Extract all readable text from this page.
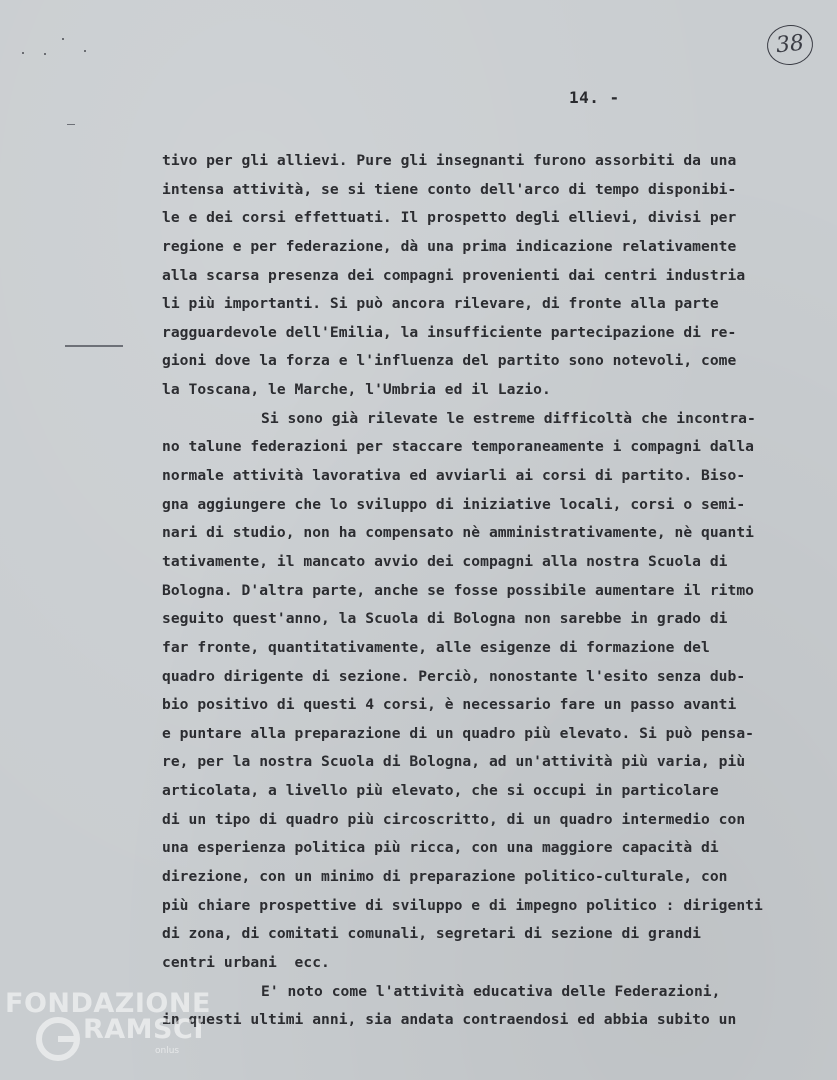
38
14. -
tivo per gli allievi. Pure gli insegnanti furono assorbiti da una
intensa attività, se si tiene conto dell'arco di tempo disponibi-
le e dei corsi effettuati. Il prospetto degli ellievi, divisi per
regione e per federazione, dà una prima indicazione relativamente
alla scarsa presenza dei compagni provenienti dai centri industria
li più importanti. Si può ancora rilevare, di fronte alla parte
ragguardevole dell'Emilia, la insufficiente partecipazione di re-
gioni dove la forza e l'influenza del partito sono notevoli, come
la Toscana, le Marche, l'Umbria ed il Lazio.
Si sono già rilevate le estreme difficoltà che incontra-
no talune federazioni per staccare temporaneamente i compagni dalla
normale attività lavorativa ed avviarli ai corsi di partito. Biso-
gna aggiungere che lo sviluppo di iniziative locali, corsi o semi-
nari di studio, non ha compensato nè amministrativamente, nè quanti
tativamente, il mancato avvio dei compagni alla nostra Scuola di
Bologna. D'altra parte, anche se fosse possibile aumentare il ritmo
seguito quest'anno, la Scuola di Bologna non sarebbe in grado di
far fronte, quantitativamente, alle esigenze di formazione del
quadro dirigente di sezione. Perciò, nonostante l'esito senza dub-
bio positivo di questi 4 corsi, è necessario fare un passo avanti
e puntare alla preparazione di un quadro più elevato. Si può pensa-
re, per la nostra Scuola di Bologna, ad un'attività più varia, più
articolata, a livello più elevato, che si occupi in particolare
di un tipo di quadro più circoscritto, di un quadro intermedio con
una esperienza politica più ricca, con una maggiore capacità di
direzione, con un minimo di preparazione politico-culturale, con
più chiare prospettive di sviluppo e di impegno politico : dirigenti
di zona, di comitati comunali, segretari di sezione di grandi
centri urbani  ecc.
E' noto come l'attività educativa delle Federazioni,
in questi ultimi anni, sia andata contraendosi ed abbia subito un
FONDAZIONE
RAMSCI
onlus
